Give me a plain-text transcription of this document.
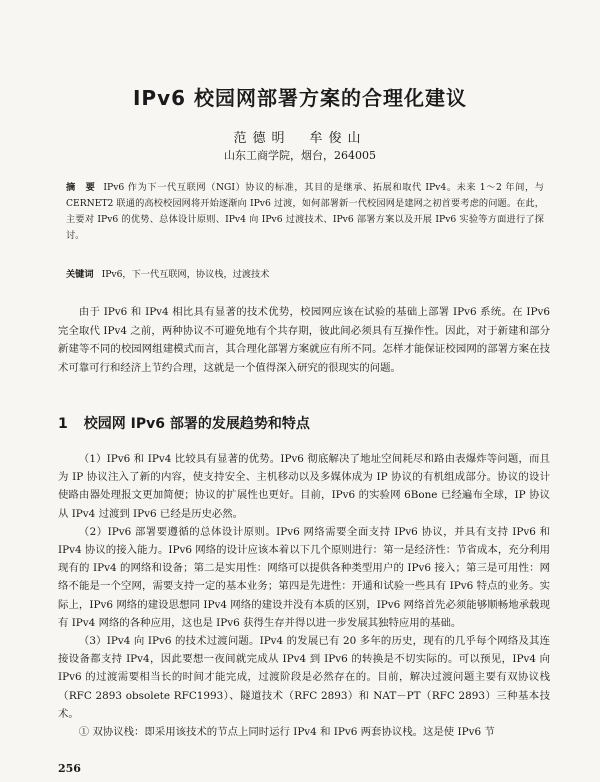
IPv6 校园网部署方案的合理化建议
范德明　牟俊山
山东工商学院，烟台，264005
摘　要 IPv6 作为下一代互联网（NGI）协议的标准，其目的是继承、拓展和取代 IPv4。未来 1～2 年间，与 CERNET2 联通的高校校园网将开始逐渐向 IPv6 过渡，如何部署新一代校园网是建网之初首要考虑的问题。在此，主要对 IPv6 的优势、总体设计原则、IPv4 向 IPv6 过渡技术、IPv6 部署方案以及开展 IPv6 实验等方面进行了探讨。
关键词 IPv6，下一代互联网，协议栈，过渡技术
由于 IPv6 和 IPv4 相比具有显著的技术优势，校园网应该在试验的基础上部署 IPv6 系统。在 IPv6 完全取代 IPv4 之前，两种协议不可避免地有个共存期，彼此间必须具有互操作性。因此，对于新建和部分新建等不同的校园网组建模式而言，其合理化部署方案就应有所不同。怎样才能保证校园网的部署方案在技术可靠可行和经济上节约合理，这就是一个值得深入研究的很现实的问题。
1 校园网 IPv6 部署的发展趋势和特点

（1）IPv6 和 IPv4 比较具有显著的优势。IPv6 彻底解决了地址空间耗尽和路由表爆炸等问题，而且为 IP 协议注入了新的内容，使支持安全、主机移动以及多媒体成为 IP 协议的有机组成部分。协议的设计使路由器处理报文更加简便；协议的扩展性也更好。目前，IPv6 的实验网 6Bone 已经遍布全球，IP 协议从 IPv4 过渡到 IPv6 已经是历史必然。

（2）IPv6 部署要遵循的总体设计原则。IPv6 网络需要全面支持 IPv6 协议，并具有支持 IPv6 和 IPv4 协议的接入能力。IPv6 网络的设计应该本着以下几个原则进行：第一是经济性：节省成本，充分利用现有的 IPv4 的网络和设备；第二是实用性：网络可以提供各种类型用户的 IPv6 接入；第三是可用性：网络不能是一个空网，需要支持一定的基本业务；第四是先进性：开通和试验一些具有 IPv6 特点的业务。实际上，IPv6 网络的建设思想同 IPv4 网络的建设并没有本质的区别，IPv6 网络首先必须能够顺畅地承载现有 IPv4 网络的各种应用，这也是 IPv6 获得生存并得以进一步发展其独特应用的基础。

（3）IPv4 向 IPv6 的技术过渡问题。IPv4 的发展已有 20 多年的历史，现有的几乎每个网络及其连接设备都支持 IPv4，因此要想一夜间就完成从 IPv4 到 IPv6 的转换是不切实际的。可以预见，IPv4 向 IPv6 的过渡需要相当长的时间才能完成，过渡阶段是必然存在的。目前，解决过渡问题主要有双协议栈（RFC 2893 obsolete RFC1993）、隧道技术（RFC 2893）和 NAT－PT（RFC 2893）三种基本技术。

① 双协议栈：即采用该技术的节点上同时运行 IPv4 和 IPv6 两套协议栈。这是使 IPv6 节

256
